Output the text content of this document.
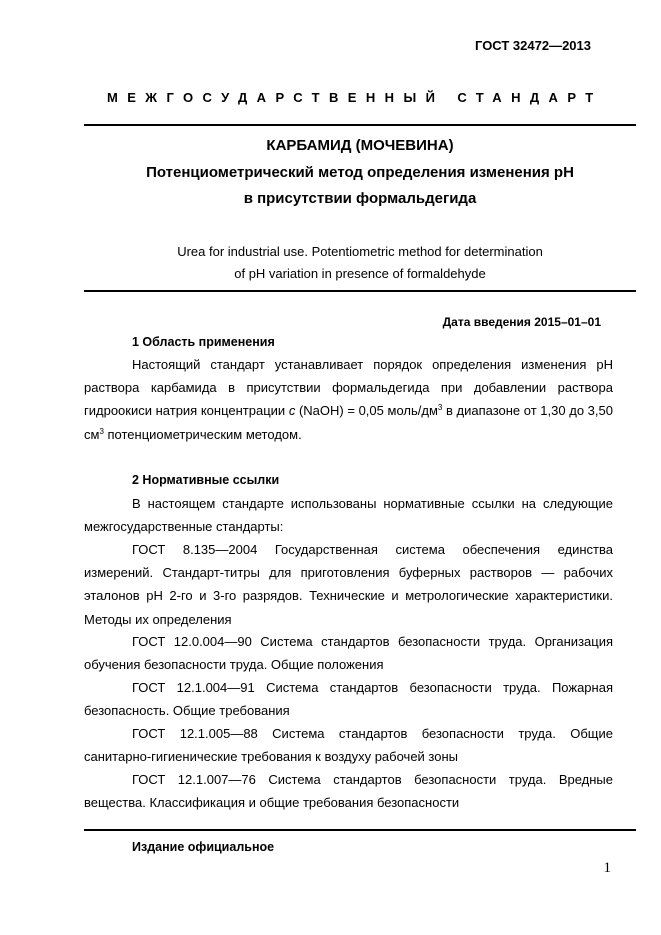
ГОСТ 32472—2013
МЕЖГОСУДАРСТВЕННЫЙ СТАНДАРТ
КАРБАМИД (МОЧЕВИНА)
Потенциометрический метод определения изменения рН
в присутствии формальдегида
Urea for industrial use. Potentiometric method for determination
of pH variation in presence of formaldehyde
Дата введения 2015–01–01
1 Область применения
Настоящий стандарт устанавливает порядок определения изменения рН раствора карбамида в присутствии формальдегида при добавлении раствора гидроокиси натрия концентрации с (NaOH) = 0,05 моль/$дм^3$ в диапазоне от 1,30 до 3,50 $см^3$ потенциометрическим методом.
2 Нормативные ссылки
В настоящем стандарте использованы нормативные ссылки на следующие межгосударственные стандарты:
ГОСТ 8.135—2004 Государственная система обеспечения единства измерений. Стандарт-титры для приготовления буферных растворов — рабочих эталонов рН 2-го и 3-го разрядов. Технические и метрологические характеристики. Методы их определения
ГОСТ 12.0.004—90 Система стандартов безопасности труда. Организация обучения безопасности труда. Общие положения
ГОСТ 12.1.004—91 Система стандартов безопасности труда. Пожарная безопасность. Общие требования
ГОСТ 12.1.005—88 Система стандартов безопасности труда. Общие санитарно-гигиенические требования к воздуху рабочей зоны
ГОСТ 12.1.007—76 Система стандартов безопасности труда. Вредные вещества. Классификация и общие требования безопасности
Издание официальное
1
